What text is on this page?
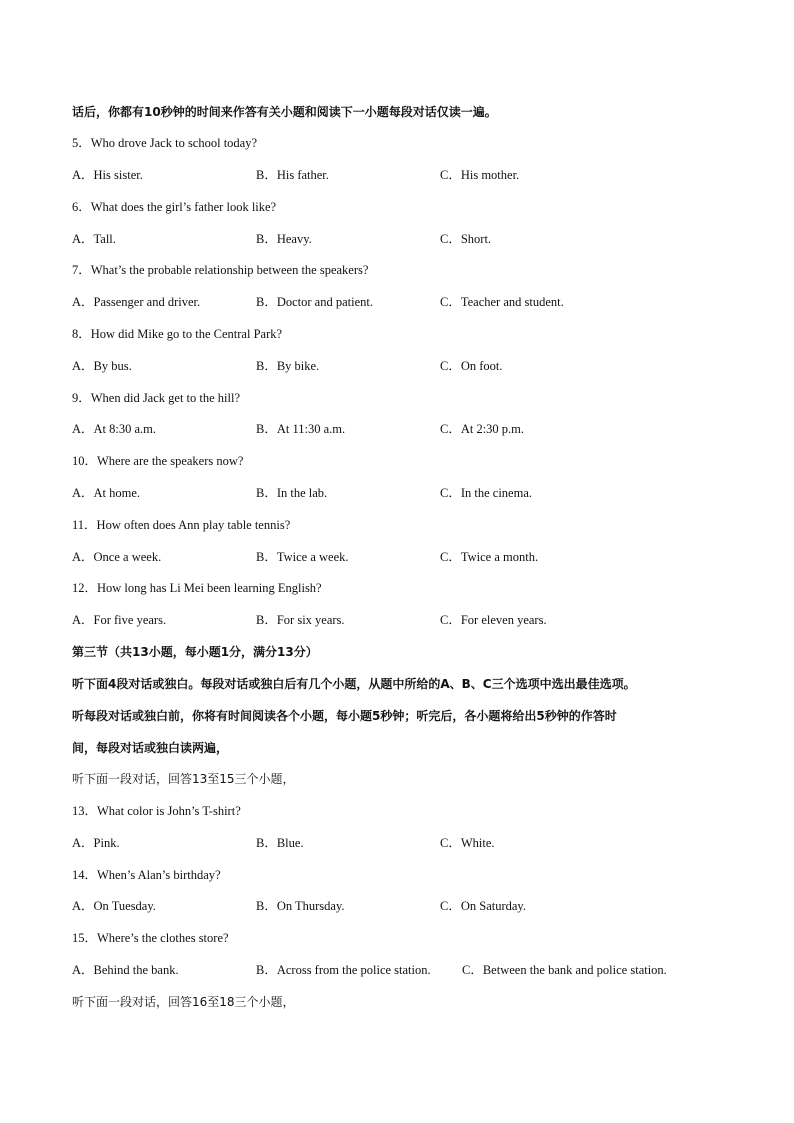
话后，你都有10秒钟的时间来作答有关小题和阅读下一小题每段对话仅读一遍。
5．Who drove Jack to school today?
A．His sister.	B．His father.	C．His mother.
6．What does the girl’s father look like?
A．Tall.	B．Heavy.	C．Short.
7．What’s the probable relationship between the speakers?
A．Passenger and driver.	B．Doctor and patient.	C．Teacher and student.
8．How did Mike go to the Central Park?
A．By bus.	B．By bike.	C．On foot.
9．When did Jack get to the hill?
A．At 8:30 a.m.	B．At 11:30 a.m.	C．At 2:30 p.m.
10．Where are the speakers now?
A．At home.	B．In the lab.	C．In the cinema.
11．How often does Ann play table tennis?
A．Once a week.	B．Twice a week.	C．Twice a month.
12．How long has Li Mei been learning English?
A．For five years.	B．For six years.	C．For eleven years.
第三节（共13小题，每小题1分，满分13分）
听下面4段对话或独白。每段对话或独白后有几个小题，从题中所给的A、B、C三个选项中选出最佳选项。
听每段对话或独白前，你将有时间阅读各个小题，每小题5秒钟；听完后，各小题将给出5秒钟的作答时
间，每段对话或独白读两遍，
听下面一段对话，回答13至15三个小题，
13．What color is John’s T-shirt?
A．Pink.	B．Blue.	C．White.
14．When’s Alan’s birthday?
A．On Tuesday.	B．On Thursday.	C．On Saturday.
15．Where’s the clothes store?
A．Behind the bank.	B．Across from the police station.	C．Between the bank and police station.
听下面一段对话，回答16至18三个小题，
